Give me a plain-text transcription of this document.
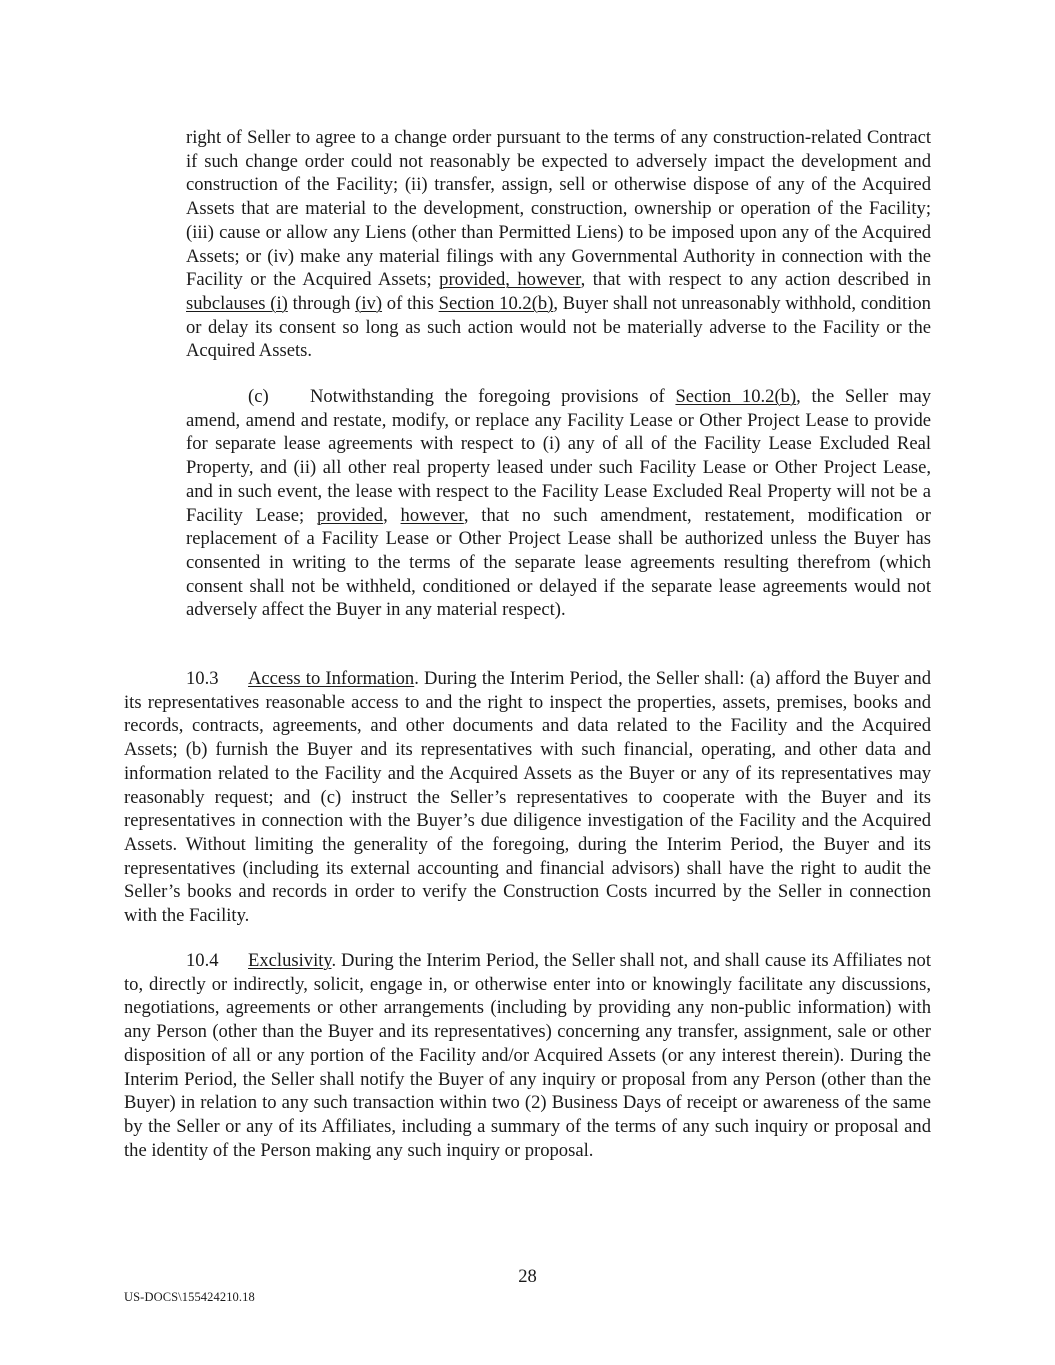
right of Seller to agree to a change order pursuant to the terms of any construction-related Contract if such change order could not reasonably be expected to adversely impact the development and construction of the Facility; (ii) transfer, assign, sell or otherwise dispose of any of the Acquired Assets that are material to the development, construction, ownership or operation of the Facility; (iii) cause or allow any Liens (other than Permitted Liens) to be imposed upon any of the Acquired Assets; or (iv) make any material filings with any Governmental Authority in connection with the Facility or the Acquired Assets; provided, however, that with respect to any action described in subclauses (i) through (iv) of this Section 10.2(b), Buyer shall not unreasonably withhold, condition or delay its consent so long as such action would not be materially adverse to the Facility or the Acquired Assets.

(c) Notwithstanding the foregoing provisions of Section 10.2(b), the Seller may amend, amend and restate, modify, or replace any Facility Lease or Other Project Lease to provide for separate lease agreements with respect to (i) any of all of the Facility Lease Excluded Real Property, and (ii) all other real property leased under such Facility Lease or Other Project Lease, and in such event, the lease with respect to the Facility Lease Excluded Real Property will not be a Facility Lease; provided, however, that no such amendment, restatement, modification or replacement of a Facility Lease or Other Project Lease shall be authorized unless the Buyer has consented in writing to the terms of the separate lease agreements resulting therefrom (which consent shall not be withheld, conditioned or delayed if the separate lease agreements would not adversely affect the Buyer in any material respect).

10.3 Access to Information. During the Interim Period, the Seller shall: (a) afford the Buyer and its representatives reasonable access to and the right to inspect the properties, assets, premises, books and records, contracts, agreements, and other documents and data related to the Facility and the Acquired Assets; (b) furnish the Buyer and its representatives with such financial, operating, and other data and information related to the Facility and the Acquired Assets as the Buyer or any of its representatives may reasonably request; and (c) instruct the Seller’s representatives to cooperate with the Buyer and its representatives in connection with the Buyer’s due diligence investigation of the Facility and the Acquired Assets. Without limiting the generality of the foregoing, during the Interim Period, the Buyer and its representatives (including its external accounting and financial advisors) shall have the right to audit the Seller’s books and records in order to verify the Construction Costs incurred by the Seller in connection with the Facility.

10.4 Exclusivity. During the Interim Period, the Seller shall not, and shall cause its Affiliates not to, directly or indirectly, solicit, engage in, or otherwise enter into or knowingly facilitate any discussions, negotiations, agreements or other arrangements (including by providing any non-public information) with any Person (other than the Buyer and its representatives) concerning any transfer, assignment, sale or other disposition of all or any portion of the Facility and/or Acquired Assets (or any interest therein). During the Interim Period, the Seller shall notify the Buyer of any inquiry or proposal from any Person (other than the Buyer) in relation to any such transaction within two (2) Business Days of receipt or awareness of the same by the Seller or any of its Affiliates, including a summary of the terms of any such inquiry or proposal and the identity of the Person making any such inquiry or proposal.

28
US-DOCS\155424210.18
